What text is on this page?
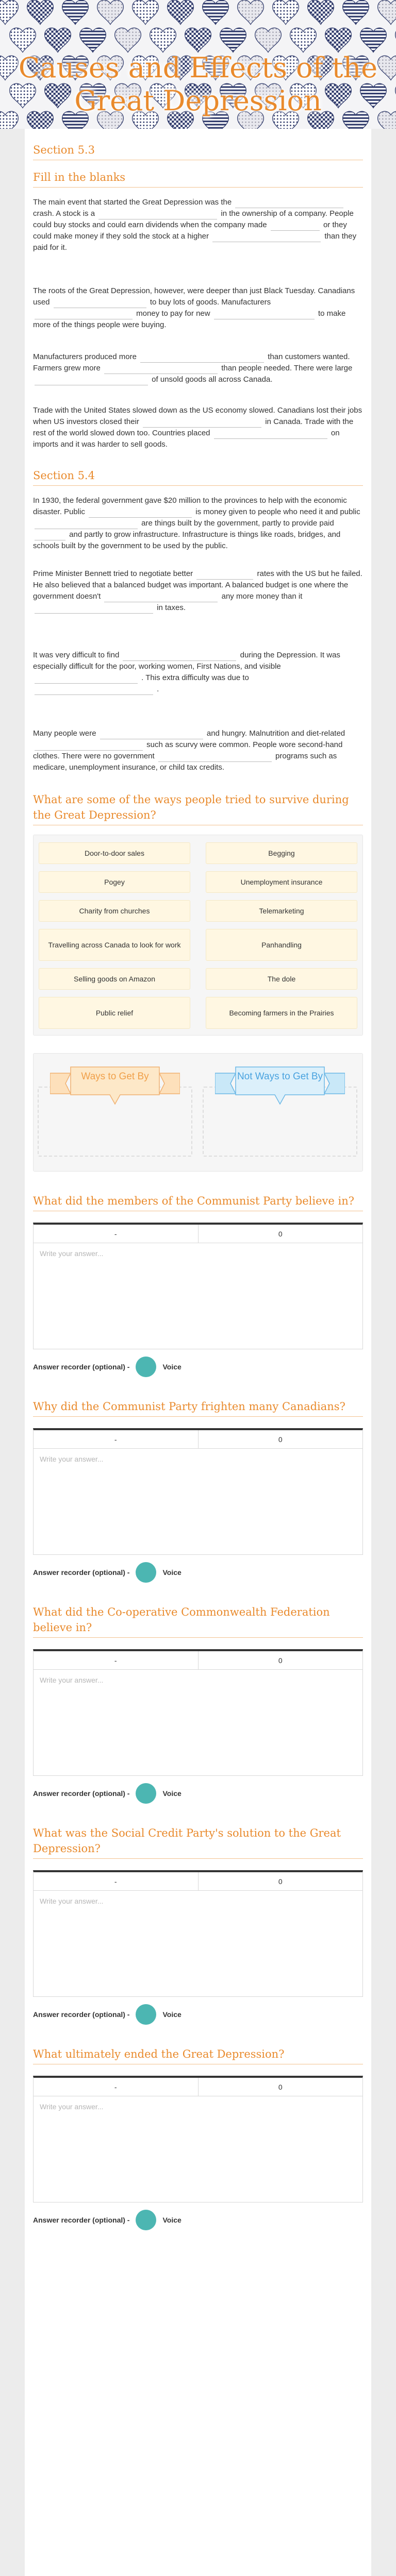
Causes and Effects of the Great Depression
Section 5.3
Fill in the blanks

The main event that started the Great Depression was the  crash. A stock is a	in the ownership of a company. People could buy stocks and could earn dividends when the company made	or they could make money if they sold the stock at a higher	than they paid for it.

The roots of the Great Depression, however, were deeper than just Black Tuesday. Canadians used	to buy lots of goods. Manufacturers  money to pay for new	to make more of the things people were buying.

Manufacturers produced more	than customers wanted. Farmers grew more	than people needed. There were large  of unsold goods all across Canada.

Trade with the United States slowed down as the US economy slowed. Canadians lost their jobs when US investors closed their	in Canada. Trade with the rest of the world slowed down too. Countries placed	on imports and it was harder to sell goods.

Section 5.4

In 1930, the federal government gave $20 million to the provinces to help with the economic disaster. Public	is money given to people who need it and public  are things built by the government, partly to provide paid  and partly to grow infrastructure. Infrastructure is things like roads, bridges, and schools built by the government to be used by the public.

Prime Minister Bennett tried to negotiate better	rates with the US but he failed. He also believed that a balanced budget was important. A balanced budget is one where the government doesn't	any more money than it  in taxes.

It was very difficult to find	during the Depression. It was especially difficult for the poor, working women, First Nations, and visible  . This extra difficulty was due to  .

Many people were	and hungry. Malnutrition and diet-related  such as scurvy were common. People wore second-hand clothes. There were no government	programs such as medicare, unemployment insurance, or child tax credits.

What are some of the ways people tried to survive during the Great Depression?
Door-to-door sales	Begging
Pogey	Unemployment insurance
Charity from churches	Telemarketing
Travelling across Canada to look for work	Panhandling
Selling goods on Amazon	The dole
Public relief	Becoming farmers in the Prairies
Ways to Get By	Not Ways to Get By
What did the members of the Communist Party believe in?
-	0
Write your answer...
Answer recorder (optional) -	Voice
Why did the Communist Party frighten many Canadians?
-	0
Write your answer...
Answer recorder (optional) -	Voice
What did the Co-operative Commonwealth Federation believe in?
-	0
Write your answer...
Answer recorder (optional) -	Voice
What was the Social Credit Party's solution to the Great Depression?
-	0
Write your answer...
Answer recorder (optional) -	Voice
What ultimately ended the Great Depression?
-	0
Write your answer...
Answer recorder (optional) -	Voice
